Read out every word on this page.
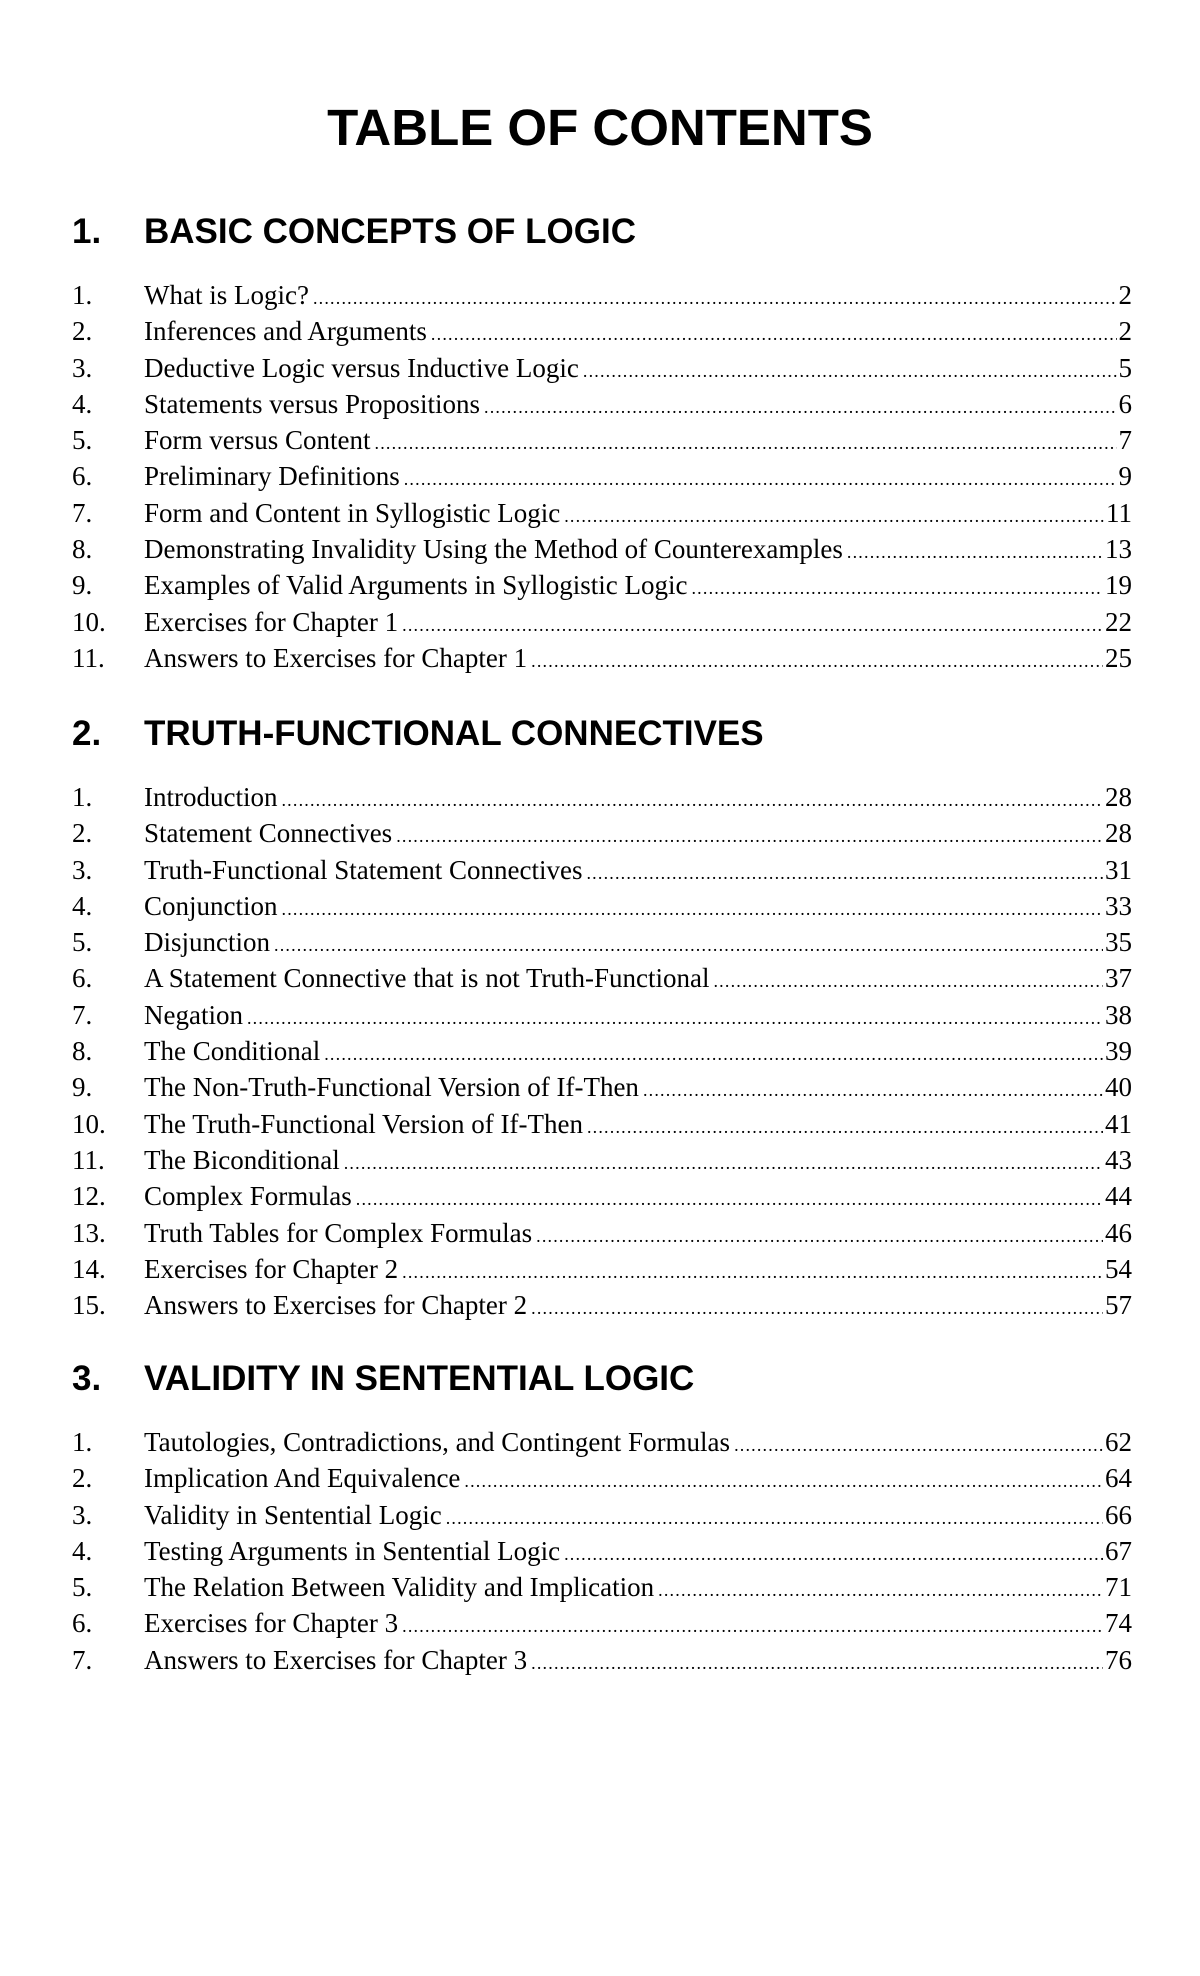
TABLE OF CONTENTS
1.	BASIC CONCEPTS OF LOGIC
1.	What is Logic? .....	2
2.	Inferences and Arguments .....	2
3.	Deductive Logic versus Inductive Logic .....	5
4.	Statements versus Propositions .....	6
5.	Form versus Content .....	7
6.	Preliminary Definitions .....	9
7.	Form and Content in Syllogistic Logic .....	11
8.	Demonstrating Invalidity Using the Method of Counterexamples .....	13
9.	Examples of Valid Arguments in Syllogistic Logic .....	19
10.	Exercises for Chapter 1 .....	22
11.	Answers to Exercises for Chapter 1 .....	25
2.	TRUTH-FUNCTIONAL CONNECTIVES
1.	Introduction .....	28
2.	Statement Connectives .....	28
3.	Truth-Functional Statement Connectives .....	31
4.	Conjunction .....	33
5.	Disjunction .....	35
6.	A Statement Connective that is not Truth-Functional .....	37
7.	Negation .....	38
8.	The Conditional .....	39
9.	The Non-Truth-Functional Version of If-Then .....	40
10.	The Truth-Functional Version of If-Then .....	41
11.	The Biconditional .....	43
12.	Complex Formulas .....	44
13.	Truth Tables for Complex Formulas .....	46
14.	Exercises for Chapter 2 .....	54
15.	Answers to Exercises for Chapter 2 .....	57
3.	VALIDITY IN SENTENTIAL LOGIC
1.	Tautologies, Contradictions, and Contingent Formulas .....	62
2.	Implication And Equivalence .....	64
3.	Validity in Sentential Logic .....	66
4.	Testing Arguments in Sentential Logic .....	67
5.	The Relation Between Validity and Implication .....	71
6.	Exercises for Chapter 3 .....	74
7.	Answers to Exercises for Chapter 3 .....	76
